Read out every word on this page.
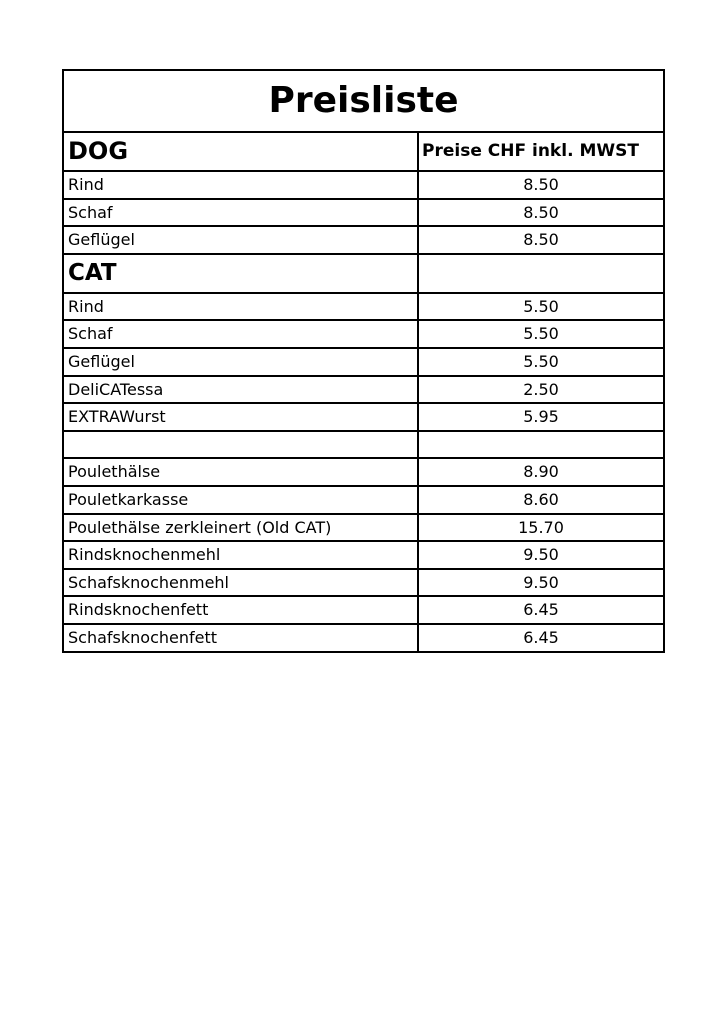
Preisliste	
DOG	Preise CHF inkl. MWST
Rind	8.50
Schaf	8.50
Geflügel	8.50
CAT	
Rind	5.50
Schaf	5.50
Geflügel	5.50
DeliCATessa	2.50
EXTRAWurst	5.95

Poulethälse	8.90
Pouletkarkasse	8.60
Poulethälse zerkleinert (Old CAT)	15.70
Rindsknochenmehl	9.50
Schafsknochenmehl	9.50
Rindsknochenfett	6.45
Schafsknochenfett	6.45
